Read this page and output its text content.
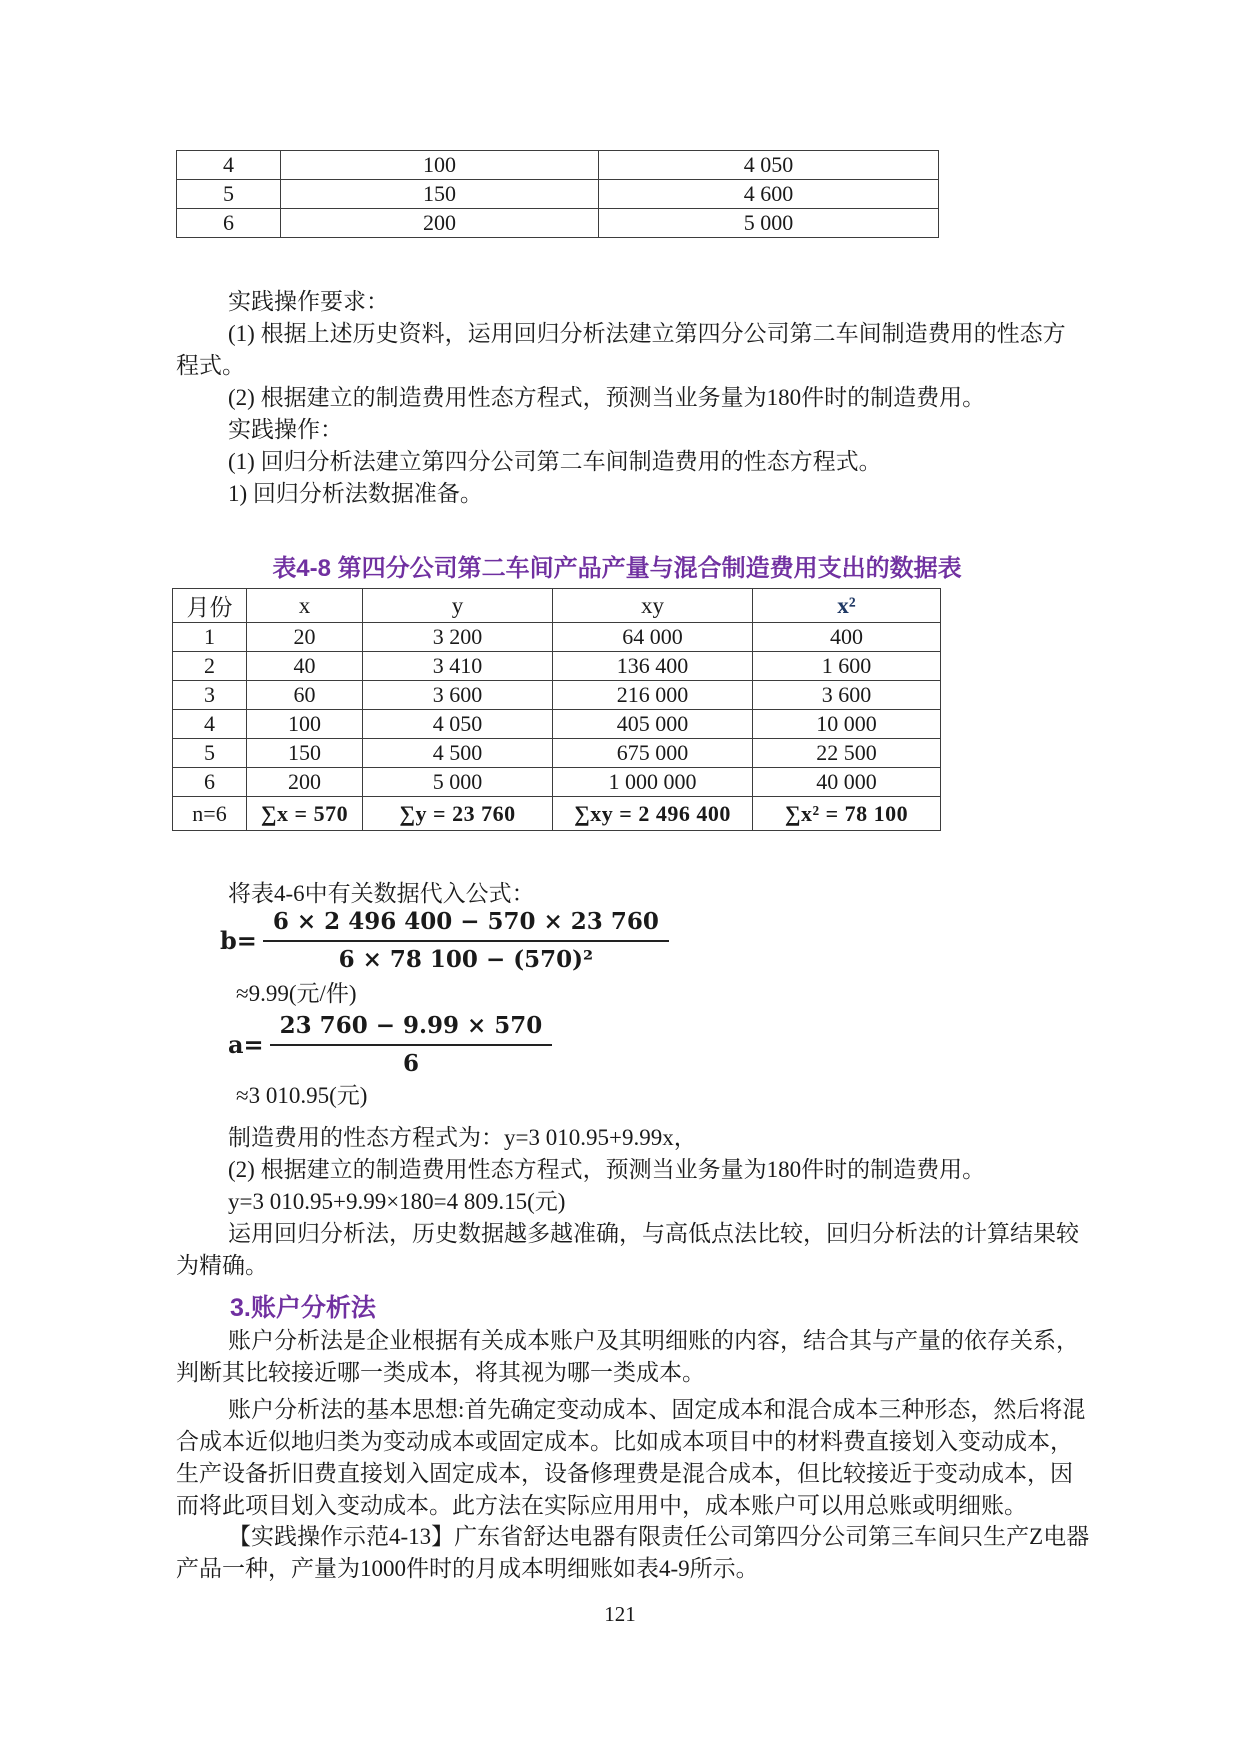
4	100	4 050
5	150	4 600
6	200	5 000
实践操作要求：
(1) 根据上述历史资料，运用回归分析法建立第四分公司第二车间制造费用的性态方
程式。
(2) 根据建立的制造费用性态方程式，预测当业务量为180件时的制造费用。
实践操作：
(1) 回归分析法建立第四分公司第二车间制造费用的性态方程式。
1) 回归分析法数据准备。
表4-8 第四分公司第二车间产品产量与混合制造费用支出的数据表
月份	x	y	xy	x²
1	20	3 200	64 000	400
2	40	3 410	136 400	1 600
3	60	3 600	216 000	3 600
4	100	4 050	405 000	10 000
5	150	4 500	675 000	22 500
6	200	5 000	1 000 000	40 000
n=6	∑x = 570	∑y = 23 760	∑xy = 2 496 400	∑x² = 78 100
将表4-6中有关数据代入公式：
$b= \frac{6 \times 2 496 400 - 570 \times 23 760}{\text{6 × 78 100 − (570)²}}$
≈9.99(元/件)
$a= \frac{23 760 - 9.99 \times 570}{6}$
≈3 010.95(元)
制造费用的性态方程式为：y=3 010.95+9.99x，
(2) 根据建立的制造费用性态方程式，预测当业务量为180件时的制造费用。
y=3 010.95+9.99×180=4 809.15(元)
运用回归分析法，历史数据越多越准确，与高低点法比较，回归分析法的计算结果较
为精确。
3.账户分析法
账户分析法是企业根据有关成本账户及其明细账的内容，结合其与产量的依存关系，
判断其比较接近哪一类成本，将其视为哪一类成本。
账户分析法的基本思想:首先确定变动成本、固定成本和混合成本三种形态，然后将混
合成本近似地归类为变动成本或固定成本。比如成本项目中的材料费直接划入变动成本，
生产设备折旧费直接划入固定成本，设备修理费是混合成本，但比较接近于变动成本，因
而将此项目划入变动成本。此方法在实际应用用中，成本账户可以用总账或明细账。
【实践操作示范4-13】广东省舒达电器有限责任公司第四分公司第三车间只生产Z电器
产品一种，产量为1000件时的月成本明细账如表4-9所示。
121
